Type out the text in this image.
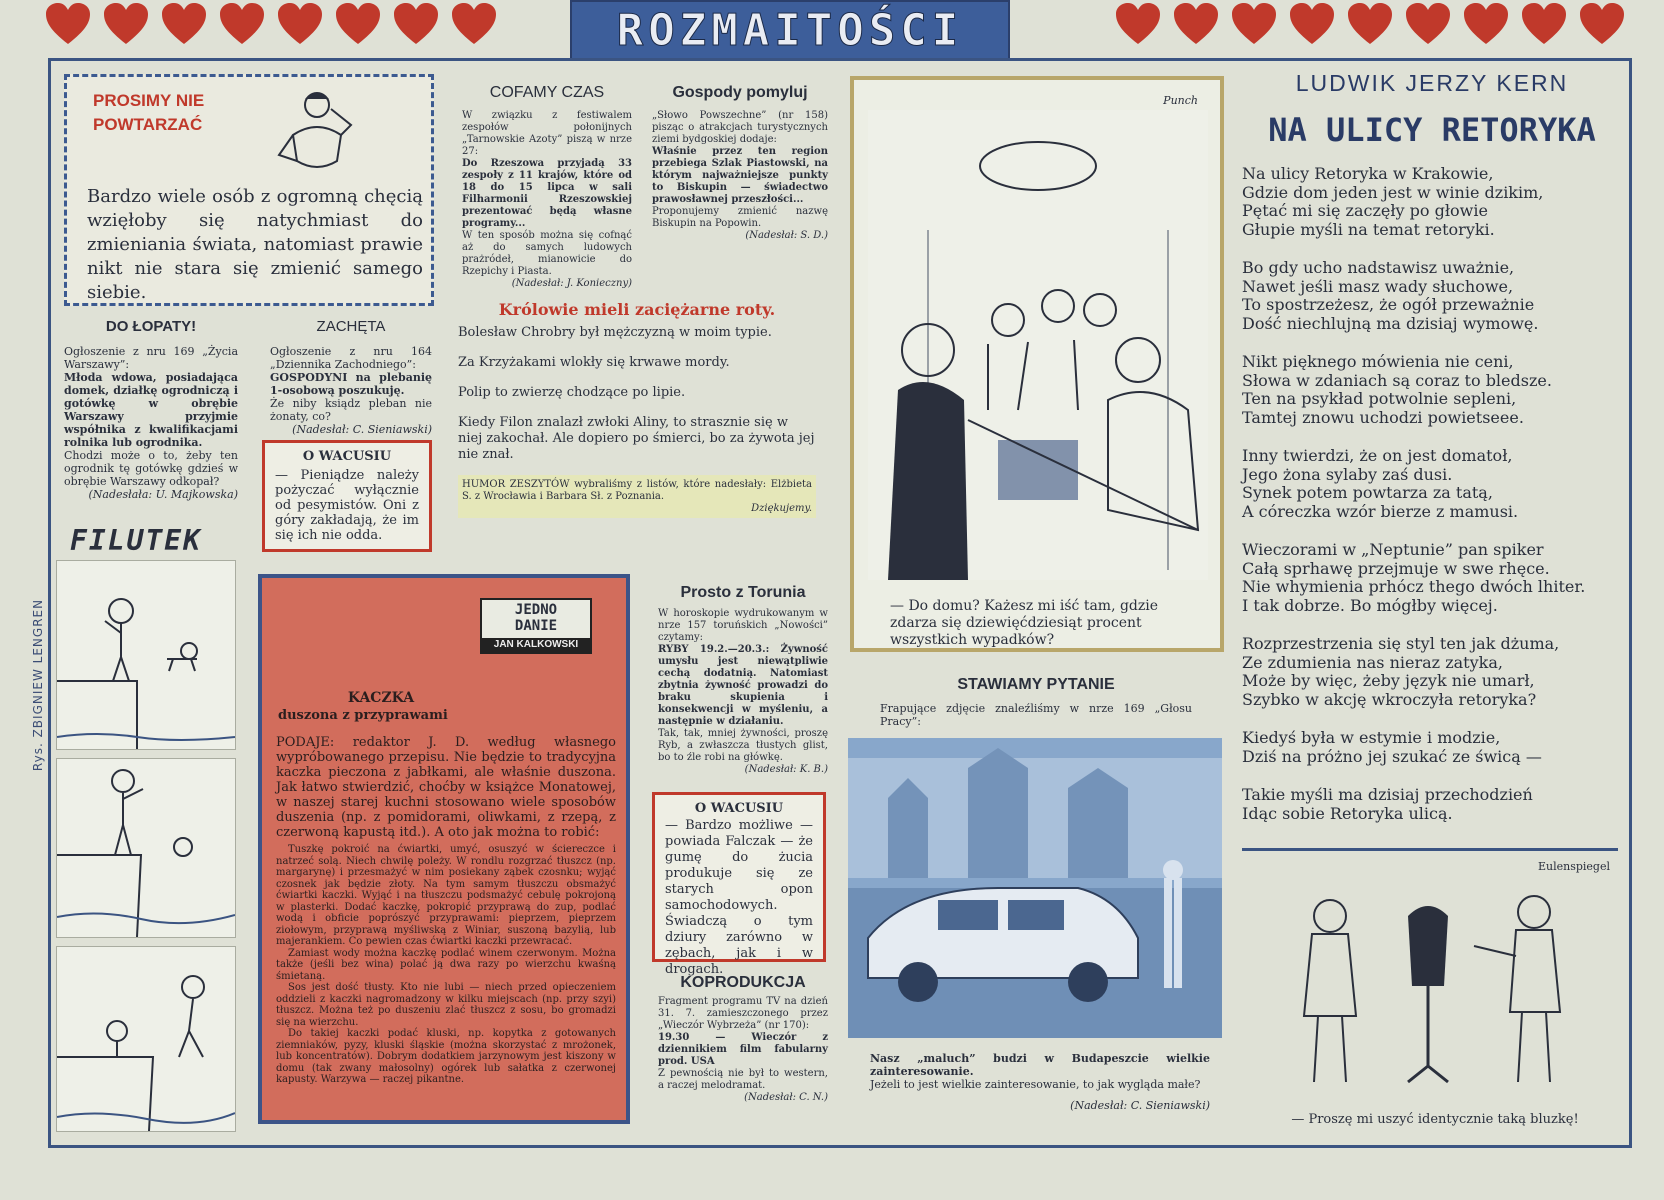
ROZMAITOŚCI
Rys. ZBIGNIEW LENGREN
PROSIMY NIE POWTARZAĆ

Bardzo wiele osób z ogromną chęcią wzięłoby się natychmiast do zmieniania świata, natomiast prawie nikt nie stara się zmienić samego siebie.

DO ŁOPATY!

Ogłoszenie z nru 169 „Życia Warszawy”:

Młoda wdowa, posiadająca domek, działkę ogrodniczą i gotówkę w obrębie Warszawy przyjmie współnika z kwalifikacjami rolnika lub ogrodnika.

Chodzi może o to, żeby ten ogrodnik tę gotówkę gdzieś w obrębie Warszawy odkopał?

(Nadesłała: U. Majkowska)

ZACHĘTA

Ogłoszenie z nru 164 „Dziennika Zachodniego”:

GOSPODYNI na plebanię 1-osobową poszukuję.

Że niby ksiądz pleban nie żonaty, co?

(Nadesłał: C. Sieniawski)

O WACUSIU

— Pieniądze należy pożyczać wyłącznie od pesymistów. Oni z góry zakładają, że im się ich nie odda.

FILUTEK
COFAMY CZAS

W związku z festiwalem zespołów połonijnych „Tarnowskie Azoty” piszą w nrze 27:

Do Rzeszowa przyjadą 33 zespoły z 11 krajów, które od 18 do 15 lipca w sali Filharmonii Rzeszowskiej prezentować będą własne programy...

W ten sposób można się cofnąć aż do samych ludowych prażródeł, mianowicie do Rzepichy i Piasta.

(Nadesłał: J. Konieczny)

Gospody pomyluj

„Słowo Powszechne” (nr 158) pisząc o atrakcjach turystycznych ziemi bydgoskiej dodaje:

Właśnie przez ten region przebiega Szlak Piastowski, na którym najważniejsze punkty to Biskupin — świadectwo prawosławnej przeszłości...

Proponujemy zmienić nazwę Biskupin na Popowin.

(Nadesłał: S. D.)

Królowie mieli zaciężarne roty.

Bolesław Chrobry był mężczyzną w moim typie.

Za Krzyżakami wlokły się krwawe mordy.

Polip to zwierzę chodzące po lipie.

Kiedy Filon znalazł zwłoki Aliny, to strasznie się w niej zakochał. Ale dopiero po śmierci, bo za żywota jej nie znał.

HUMOR ZESZYTÓW wybraliśmy z listów, które nadesłały: Elżbieta S. z Wrocławia i Barbara Sł. z Poznania.

Dziękujemy.

Punch

— Do domu? Każesz mi iść tam, gdzie zdarza się dziewięćdziesiąt procent wszystkich wypadków?

STAWIAMY PYTANIE

Frapujące zdjęcie znaleźliśmy w nrze 169 „Głosu Pracy”:

Nasz „maluch” budzi w Budapeszcie wielkie zainteresowanie.

Jeżeli to jest wielkie zainteresowanie, to jak wygląda małe?

(Nadesłał: C. Sieniawski)

LUDWIK JERZY KERN
NA ULICY RETORYKA
Na ulicy Retoryka w Krakowie,
Gdzie dom jeden jest w winie dzikim,
Pętać mi się zaczęły po głowie
Głupie myśli na temat retoryki.
Bo gdy ucho nadstawisz uważnie,
Nawet jeśli masz wady słuchowe,
To spostrzeżesz, że ogół przeważnie
Dość niechlujną ma dzisiaj wymowę.
Nikt pięknego mówienia nie ceni,
Słowa w zdaniach są coraz to bledsze.
Ten na psykład potwolnie sepleni,
Tamtej znowu uchodzi powietseee.
Inny twierdzi, że on jest domatoł,
Jego żona sylaby zaś dusi.
Synek potem powtarza za tatą,
A córeczka wzór bierze z mamusi.
Wieczorami w „Neptunie” pan spiker
Całą sprhawę przejmuje w swe rhęce.
Nie whymienia prhócz thego dwóch lhiter.
I tak dobrze. Bo mógłby więcej.
Rozprzestrzenia się styl ten jak dżuma,
Ze zdumienia nas nieraz zatyka,
Może by więc, żeby język nie umarł,
Szybko w akcję wkroczyła retoryka?
Kiedyś była w estymie i modzie,
Dziś na próżno jej szukać ze świcą —
Takie myśli ma dzisiaj przechodzień
Idąc sobie Retoryka ulicą.
Eulenspiegel

— Proszę mi uszyć identycznie taką bluzkę!

KACZKA

duszona z przyprawami

PODAJE: redaktor J. D. według własnego wypróbowanego przepisu. Nie będzie to tradycyjna kaczka pieczona z jabłkami, ale właśnie duszona. Jak łatwo stwierdzić, choćby w książce Monatowej, w naszej starej kuchni stosowano wiele sposobów duszenia (np. z pomidorami, oliwkami, z rzepą, z czerwoną kapustą itd.). A oto jak można to robić:

Tuszkę pokroić na ćwiartki, umyć, osuszyć w ściereczce i natrzeć solą. Niech chwilę poleży. W rondlu rozgrzać tłuszcz (np. margarynę) i przesmażyć w nim posiekany ząbek czosnku; wyjąć czosnek jak będzie złoty. Na tym samym tłuszczu obsmażyć ćwiartki kaczki. Wyjąć i na tłuszczu podsmażyć cebulę pokrojoną w plasterki. Dodać kaczkę, pokropić przyprawą do zup, podlać wodą i obficie poprószyć przyprawami: pieprzem, pieprzem ziołowym, przyprawą myśliwską z Winiar, suszoną bazylią, lub majerankiem. Co pewien czas ćwiartki kaczki przewracać.

Zamiast wody można kaczkę podlać winem czerwonym. Można także (jeśli bez wina) polać ją dwa razy po wierzchu kwaśną śmietaną.

Sos jest dość tłusty. Kto nie lubi — niech przed opieczeniem oddzieli z kaczki nagromadzony w kilku miejscach (np. przy szyi) tłuszcz. Można też po duszeniu zlać tłuszcz z sosu, bo gromadzi się na wierzchu.

Do takiej kaczki podać kluski, np. kopytka z gotowanych ziemniaków, pyzy, kluski śląskie (można skorzystać z mrożonek, lub koncentratów). Dobrym dodatkiem jarzynowym jest kiszony w domu (tak zwany małosolny) ogórek lub sałatka z czerwonej kapusty. Warzywa — raczej pikantne.

JEDNO
DANIE
JAN KALKOWSKI
Prosto z Torunia

W horoskopie wydrukowanym w nrze 157 toruńskich „Nowości” czytamy:

RYBY 19.2.—20.3.: Żywność umysłu jest niewątpliwie cechą dodatnią. Natomiast zbytnia żywność prowadzi do braku skupienia i konsekwencji w myśleniu, a następnie w działaniu.

Tak, tak, mniej żywności, proszę Ryb, a zwłaszcza tłustych glist, bo to źle robi na główkę.

(Nadesłał: K. B.)

O WACUSIU

— Bardzo możliwe — powiada Falczak — że gumę do żucia produkuje się ze starych opon samochodowych. Świadczą o tym dziury zarówno w zębach, jak i w drogach.

KOPRODUKCJA

Fragment programu TV na dzień 31. 7. zamieszczonego przez „Wieczór Wybrzeża” (nr 170):

19.30 — Wieczór z dziennikiem film fabularny prod. USA

Z pewnością nie był to western, a raczej melodramat.

(Nadesłał: C. N.)
